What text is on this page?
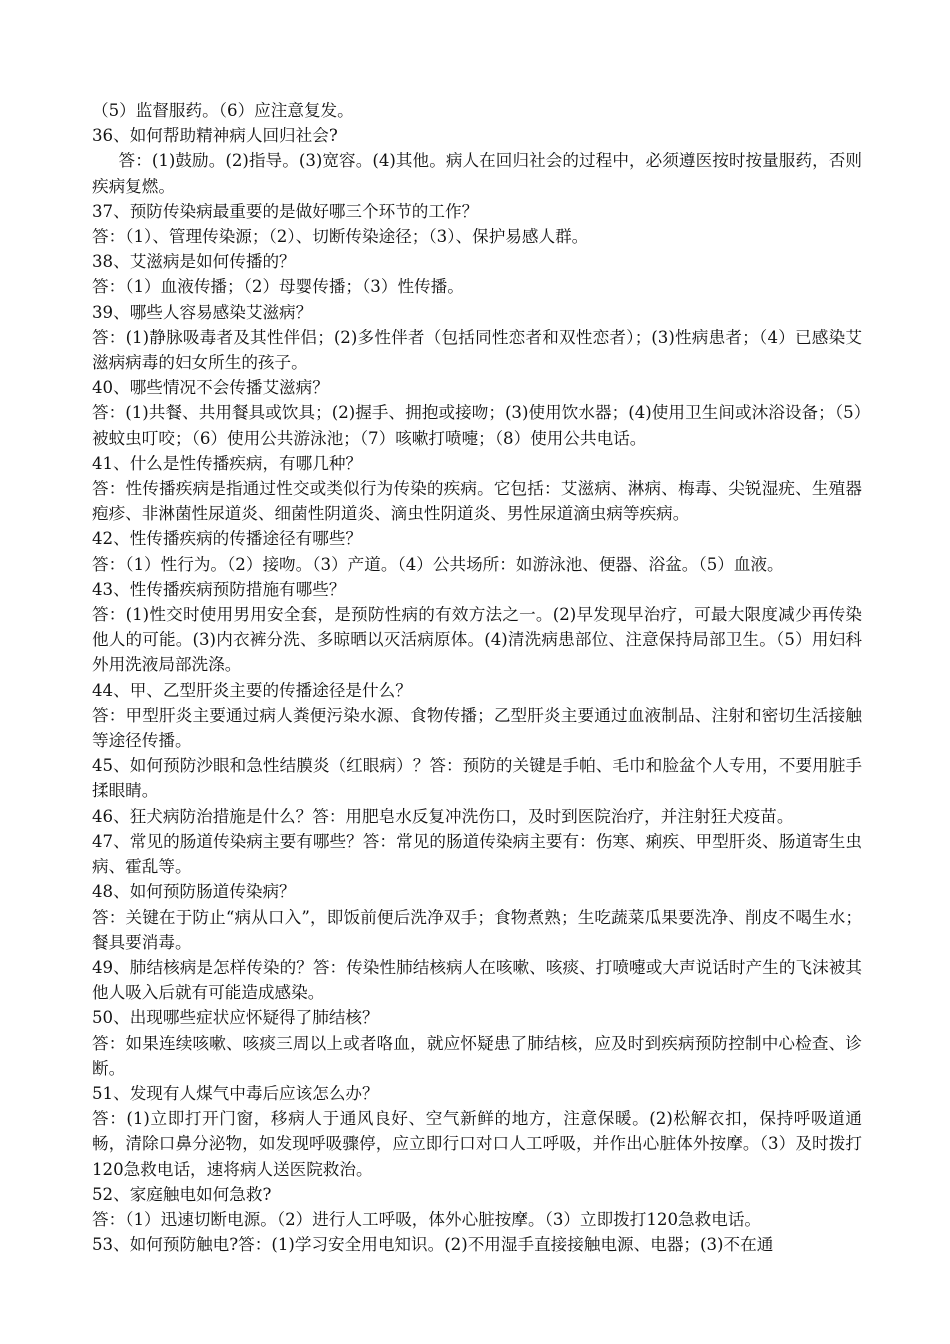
（5）监督服药。（6）应注意复发。

36、如何帮助精神病人回归社会?

答：(1)鼓励。(2)指导。(3)宽容。(4)其他。病人在回归社会的过程中，必须遵医按时按量服药，否则疾病复燃。

37、预防传染病最重要的是做好哪三个环节的工作？

答：（1）、管理传染源；（2）、切断传染途径；（3）、保护易感人群。

38、艾滋病是如何传播的？

答：（1）血液传播；（2）母婴传播；（3）性传播。

39、哪些人容易感染艾滋病？

答：(1)静脉吸毒者及其性伴侣；(2)多性伴者（包括同性恋者和双性恋者）；(3)性病患者；（4）已感染艾滋病病毒的妇女所生的孩子。

40、哪些情况不会传播艾滋病？

答：(1)共餐、共用餐具或饮具；(2)握手、拥抱或接吻；(3)使用饮水器；(4)使用卫生间或沐浴设备；（5）被蚊虫叮咬；（6）使用公共游泳池；（7）咳嗽打喷嚏；（8）使用公共电话。

41、什么是性传播疾病，有哪几种？

答：性传播疾病是指通过性交或类似行为传染的疾病。它包括：艾滋病、淋病、梅毒、尖锐湿疣、生殖器疱疹、非淋菌性尿道炎、细菌性阴道炎、滴虫性阴道炎、男性尿道滴虫病等疾病。

42、性传播疾病的传播途径有哪些？

答：（1）性行为。（2）接吻。（3）产道。（4）公共场所：如游泳池、便器、浴盆。（5）血液。

43、性传播疾病预防措施有哪些？

答：(1)性交时使用男用安全套，是预防性病的有效方法之一。(2)早发现早治疗，可最大限度减少再传染他人的可能。(3)内衣裤分洗、多晾晒以灭活病原体。(4)清洗病患部位、注意保持局部卫生。（5）用妇科外用洗液局部洗涤。

44、甲、乙型肝炎主要的传播途径是什么？

答：甲型肝炎主要通过病人粪便污染水源、食物传播；乙型肝炎主要通过血液制品、注射和密切生活接触等途径传播。

45、如何预防沙眼和急性结膜炎（红眼病）？答：预防的关键是手帕、毛巾和脸盆个人专用，不要用脏手揉眼睛。

46、狂犬病防治措施是什么？答：用肥皂水反复冲洗伤口，及时到医院治疗，并注射狂犬疫苗。

47、常见的肠道传染病主要有哪些？答：常见的肠道传染病主要有：伤寒、痢疾、甲型肝炎、肠道寄生虫病、霍乱等。

48、如何预防肠道传染病？

答：关键在于防止“病从口入”，即饭前便后洗净双手；食物煮熟；生吃蔬菜瓜果要洗净、削皮不喝生水；餐具要消毒。

49、肺结核病是怎样传染的？答：传染性肺结核病人在咳嗽、咳痰、打喷嚏或大声说话时产生的飞沫被其他人吸入后就有可能造成感染。

50、出现哪些症状应怀疑得了肺结核？

答：如果连续咳嗽、咳痰三周以上或者咯血，就应怀疑患了肺结核，应及时到疾病预防控制中心检查、诊断。

51、发现有人煤气中毒后应该怎么办？

答：(1)立即打开门窗，移病人于通风良好、空气新鲜的地方，注意保暖。(2)松解衣扣，保持呼吸道通畅，清除口鼻分泌物，如发现呼吸骤停，应立即行口对口人工呼吸，并作出心脏体外按摩。（3）及时拨打120急救电话，速将病人送医院救治。

52、家庭触电如何急救?

答：（1）迅速切断电源。（2）进行人工呼吸，体外心脏按摩。（3）立即拨打120急救电话。

53、如何预防触电?答：(1)学习安全用电知识。(2)不用湿手直接接触电源、电器；(3)不在通
